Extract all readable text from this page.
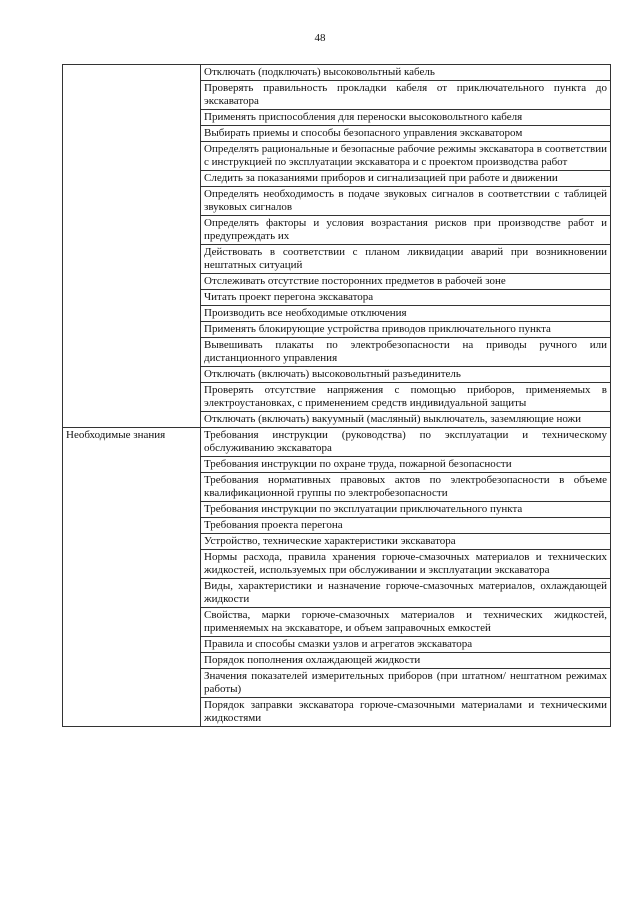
48
	Отключать (подключать) высоковольтный кабель
	Проверять правильность прокладки кабеля от приключательного пункта до экскаватора
	Применять приспособления для переноски высоковольтного кабеля
	Выбирать приемы и способы безопасного управления экскаватором
	Определять рациональные и безопасные рабочие режимы экскаватора в соответствии с инструкцией по эксплуатации экскаватора и с проектом производства работ
	Следить за показаниями приборов и сигнализацией при работе и движении
	Определять необходимость в подаче звуковых сигналов в соответствии с таблицей звуковых сигналов
	Определять факторы и условия возрастания рисков при производстве работ и предупреждать их
	Действовать в соответствии с планом ликвидации аварий при возникновении нештатных ситуаций
	Отслеживать отсутствие посторонних предметов в рабочей зоне
	Читать проект перегона экскаватора
	Производить все необходимые отключения
	Применять блокирующие устройства приводов приключательного пункта
	Вывешивать плакаты по электробезопасности на приводы ручного или дистанционного управления
	Отключать (включать) высоковольтный разъединитель
	Проверять отсутствие напряжения с помощью приборов, применяемых в электроустановках, с применением средств индивидуальной защиты
	Отключать (включать) вакуумный (масляный) выключатель, заземляющие ножи
Необходимые знания	Требования инструкции (руководства) по эксплуатации и техническому обслуживанию экскаватора
	Требования инструкции по охране труда, пожарной безопасности
	Требования нормативных правовых актов по электробезопасности в объеме квалификационной группы по электробезопасности
	Требования инструкции по эксплуатации приключательного пункта
	Требования проекта перегона
	Устройство, технические характеристики экскаватора
	Нормы расхода, правила хранения горюче-смазочных материалов и технических жидкостей, используемых при обслуживании и эксплуатации экскаватора
	Виды, характеристики и назначение горюче-смазочных материалов, охлаждающей жидкости
	Свойства, марки горюче-смазочных материалов и технических жидкостей, применяемых на экскаваторе, и объем заправочных емкостей
	Правила и способы смазки узлов и агрегатов экскаватора
	Порядок пополнения охлаждающей жидкости
	Значения показателей измерительных приборов (при штатном/ нештатном режимах работы)
	Порядок заправки экскаватора горюче-смазочными материалами и техническими жидкостями
